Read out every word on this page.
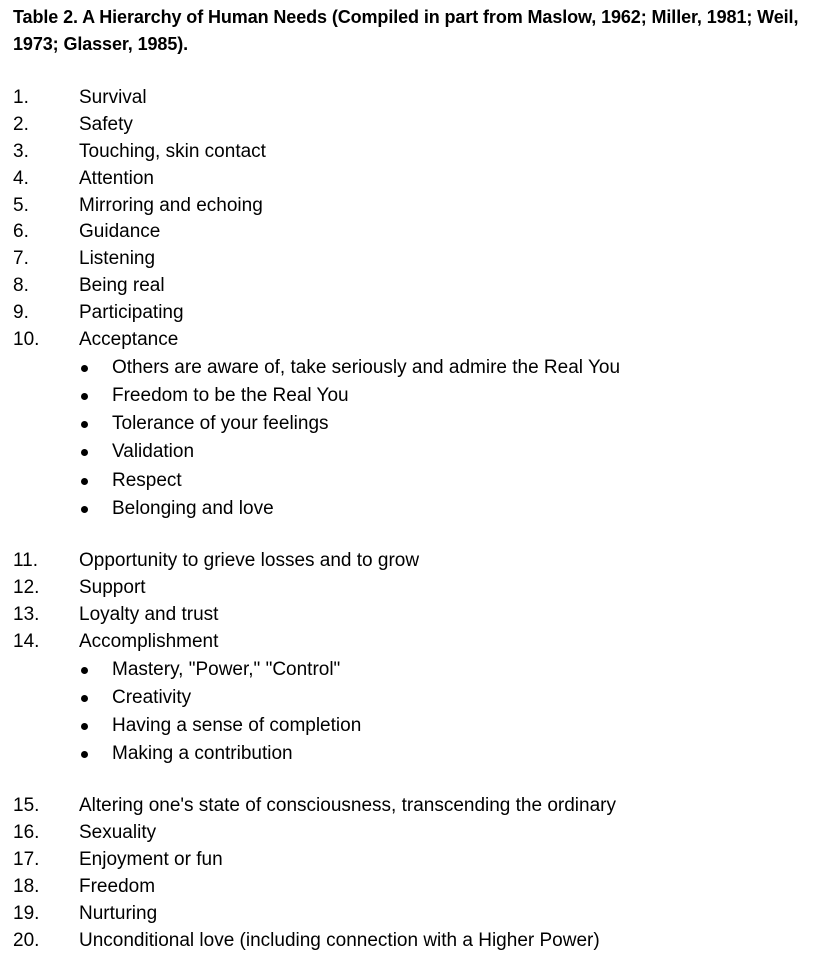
Table 2. A Hierarchy of Human Needs (Compiled in part from Maslow, 1962; Miller, 1981; Weil, 1973; Glasser, 1985).

1.	Survival
2.	Safety
3.	Touching, skin contact
4.	Attention
5.	Mirroring and echoing
6.	Guidance
7.	Listening
8.	Being real
9.	Participating
10.	Acceptance
Others are aware of, take seriously and admire the Real You
Freedom to be the Real You
Tolerance of your feelings
Validation
Respect
Belonging and love
11.	Opportunity to grieve losses and to grow
12.	Support
13.	Loyalty and trust
14.	Accomplishment
Mastery, "Power," "Control"
Creativity
Having a sense of completion
Making a contribution
15.	Altering one's state of consciousness, transcending the ordinary
16.	Sexuality
17.	Enjoyment or fun
18.	Freedom
19.	Nurturing
20.	Unconditional love (including connection with a Higher Power)
